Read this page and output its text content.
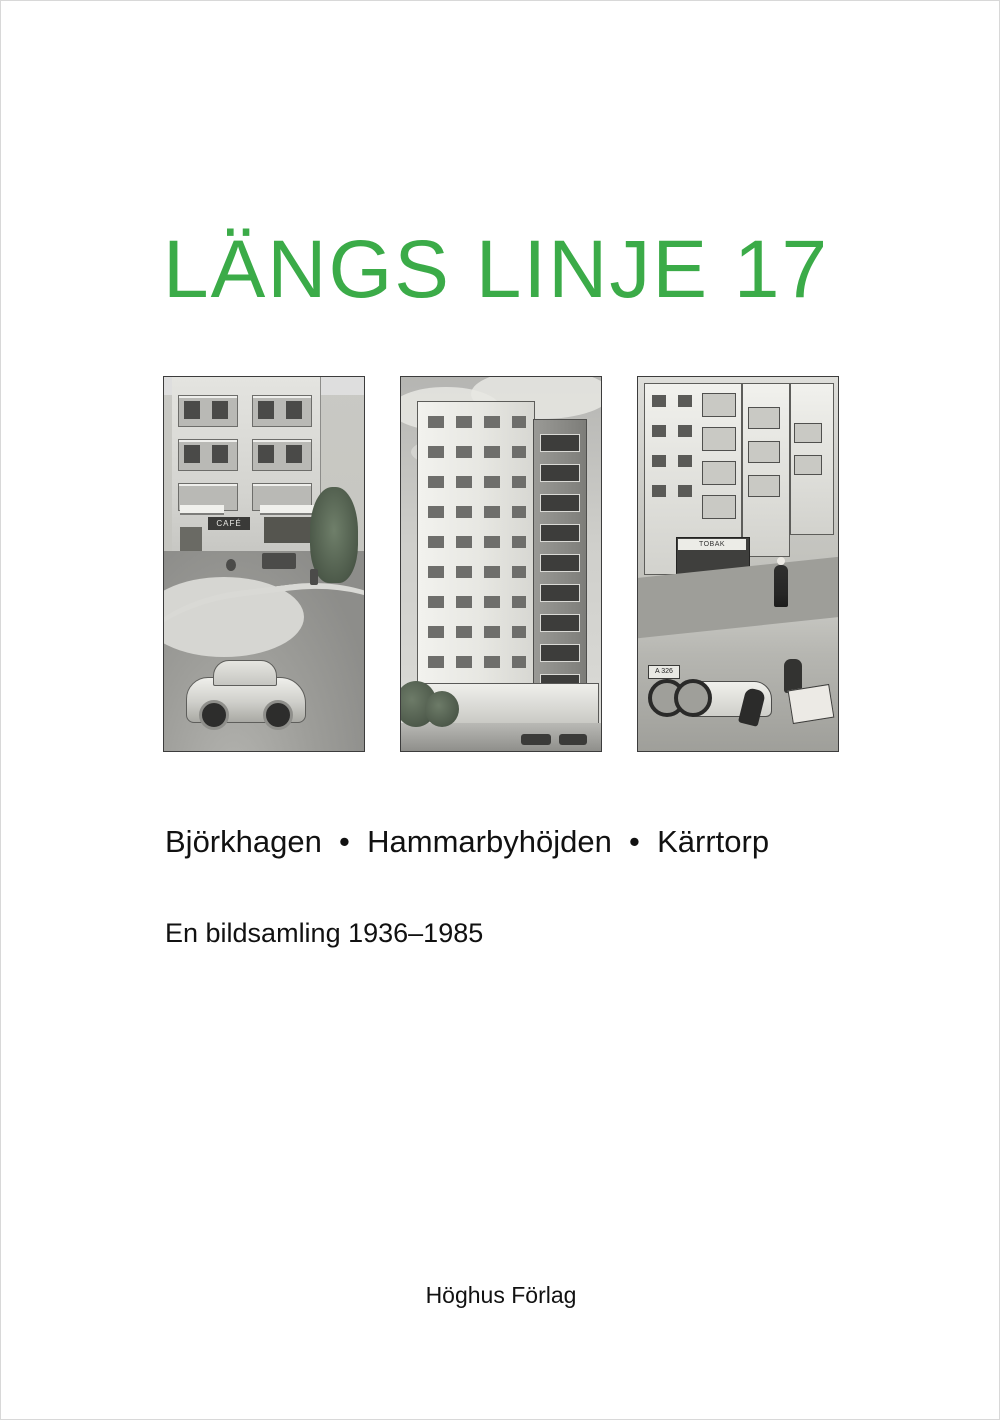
LÄNGS LINJE 17
CAFÉ
TOBAK
A 326
Björkhagen  •  Hammarbyhöjden  •  Kärrtorp
En bildsamling 1936–1985
Höghus Förlag
